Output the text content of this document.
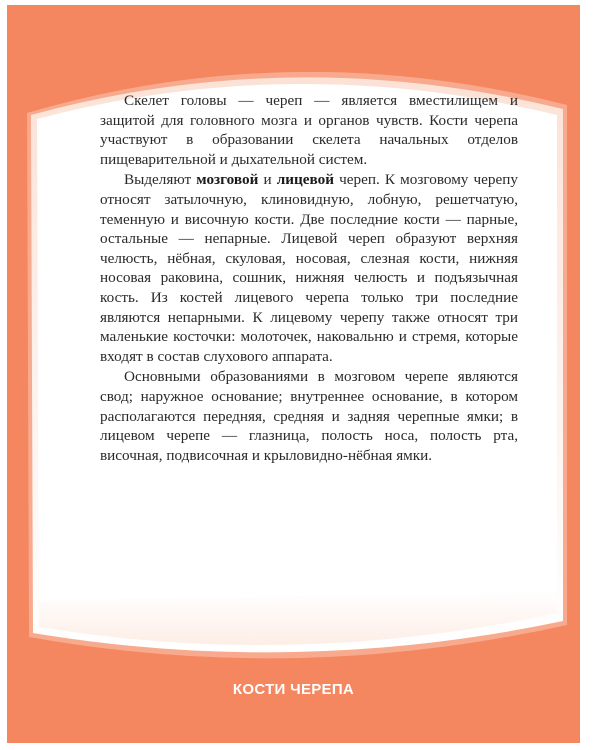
Скелет головы — череп — является вместилищем и защитой для головного мозга и органов чувств. Кости черепа участвуют в образовании скелета начальных отделов пищеварительной и дыхательной систем.

Выделяют мозговой и лицевой череп. К мозговому черепу относят затылочную, клиновидную, лобную, решетчатую, теменную и височную кости. Две последние кости — парные, остальные — непарные. Лицевой череп образуют верхняя челюсть, нёбная, скуловая, носовая, слезная кости, нижняя носовая раковина, сошник, нижняя челюсть и подъязычная кость. Из костей лицевого черепа только три последние являются непарными. К лицевому черепу также относят три маленькие косточки: молоточек, наковальню и стремя, которые входят в состав слухового аппарата.

Основными образованиями в мозговом черепе являются свод; наружное основание; внутреннее основание, в котором располагаются передняя, средняя и задняя черепные ямки; в лицевом черепе — глазница, полость носа, полость рта, височная, подвисочная и крыловидно-нёбная ямки.

КОСТИ ЧЕРЕПА
